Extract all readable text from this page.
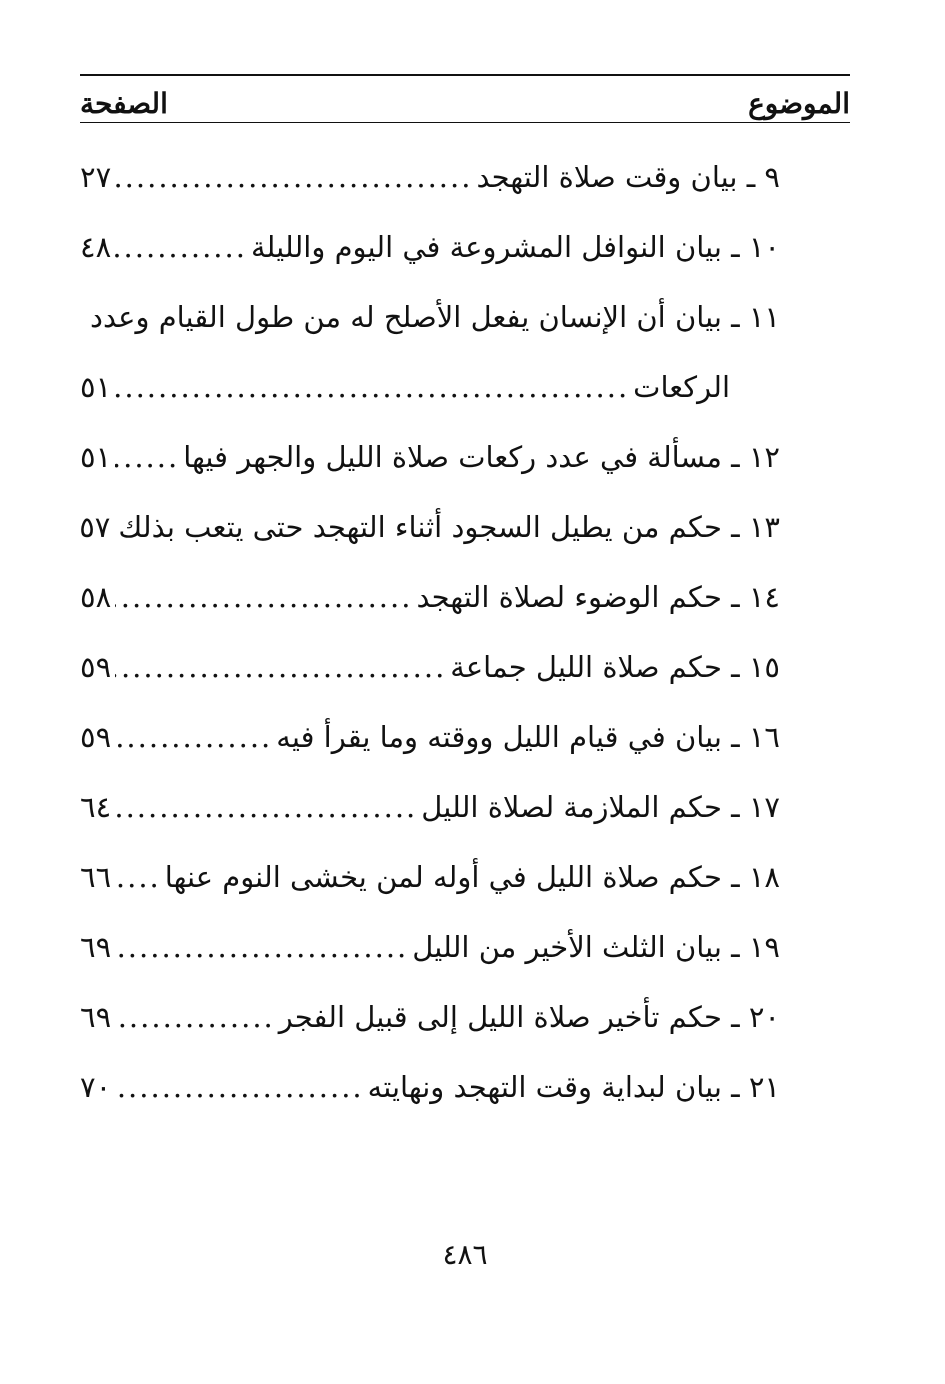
الموضوع
الصفحة
٩ ـ بيان وقت صلاة التهجد
.....
٢٧
١٠ ـ بيان النوافل المشروعة في اليوم والليلة
.....
٤٨
١١ ـ بيان أن الإنسان يفعل الأصلح له من طول القيام وعدد
الركعات
.....
٥١
١٢ ـ مسألة في عدد ركعات صلاة الليل والجهر فيها
.....
٥١
١٣ ـ حكم من يطيل السجود أثناء التهجد حتى يتعب بذلك
٥٧
١٤ ـ حكم الوضوء لصلاة التهجد
.....
٥٨
١٥ ـ حكم صلاة الليل جماعة
.....
٥٩
١٦ ـ بيان في قيام الليل ووقته وما يقرأ فيه
.....
٥٩
١٧ ـ حكم الملازمة لصلاة الليل
.....
٦٤
١٨ ـ حكم صلاة الليل في أوله لمن يخشى النوم عنها
.....
٦٦
١٩ ـ بيان الثلث الأخير من الليل
.....
٦٩
٢٠ ـ حكم تأخير صلاة الليل إلى قبيل الفجر
.....
٦٩
٢١ ـ بيان لبداية وقت التهجد ونهايته
.....
٧٠
٤٨٦
